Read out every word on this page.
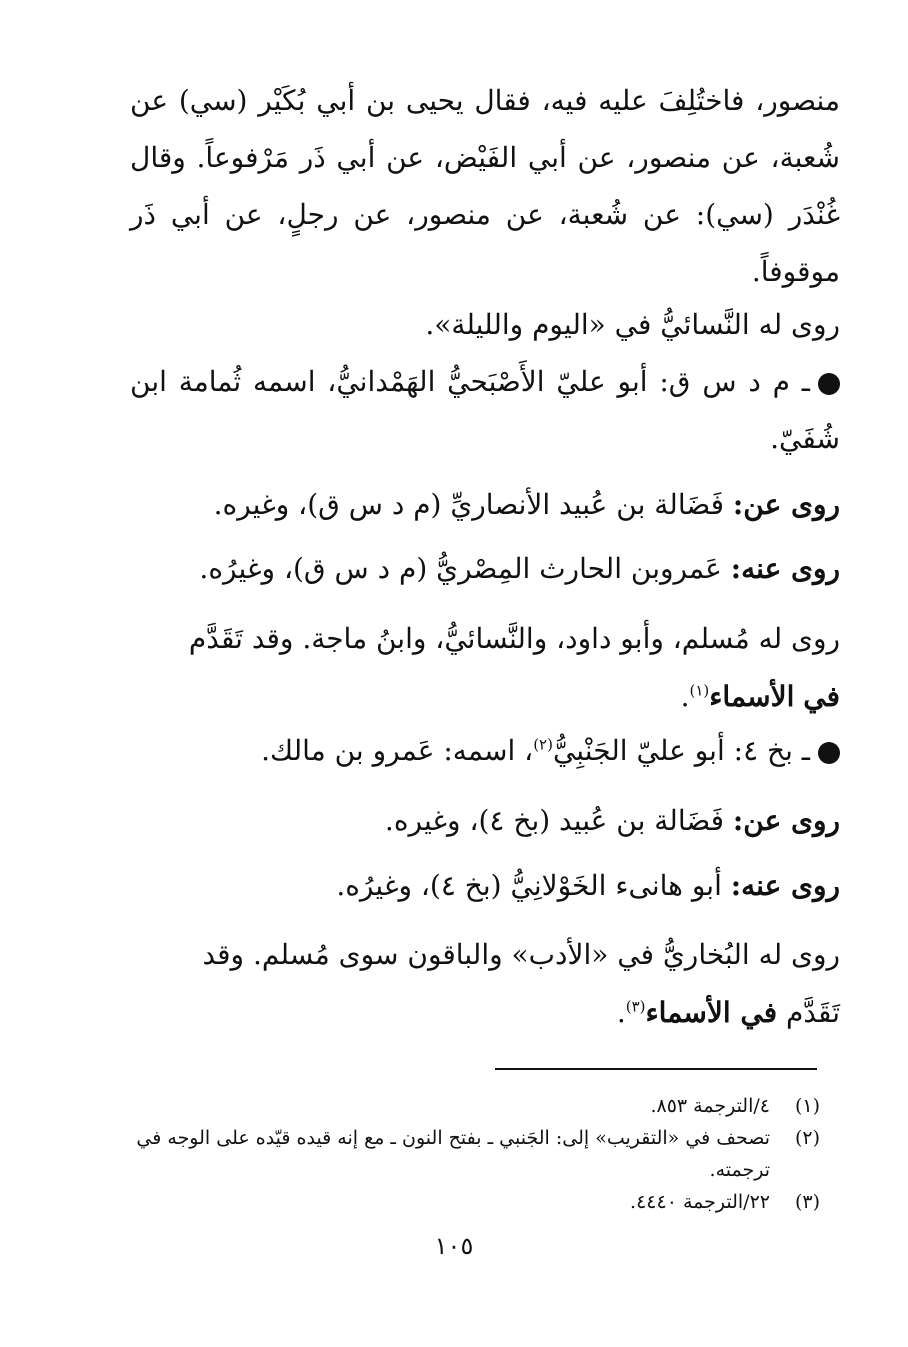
منصور، فاختُلِفَ عليه فيه، فقال يحيى بن أبي بُكَيْر (سي) عن شُعبة، عن منصور، عن أبي الفَيْض، عن أبي ذَر مَرْفوعاً. وقال غُنْدَر (سي): عن شُعبة، عن منصور، عن رجلٍ، عن أبي ذَر موقوفاً.

روى له النَّسائيُّ في «اليوم والليلة».

ـ م د س ق: أبو عليّ الأَصْبَحيُّ الهَمْدانيُّ، اسمه ثُمامة ابن شُفَيّ.

روى عن: فَضَالة بن عُبيد الأنصاريِّ (م د س ق)، وغيره.

روى عنه: عَمروبن الحارث المِصْريُّ (م د س ق)، وغيرُه.

روى له مُسلم، وأبو داود، والنَّسائيُّ، وابنُ ماجة. وقد تَقَدَّم

في الأسماء$^{(١)}$.

ـ بخ ٤: أبو عليّ الجَنْبِيُّ$^{(٢)}$، اسمه: عَمرو بن مالك.

روى عن: فَضَالة بن عُبيد (بخ ٤)، وغيره.

روى عنه: أبو هانىء الخَوْلانِيُّ (بخ ٤)، وغيرُه.

روى له البُخاريُّ في «الأدب» والباقون سوى مُسلم. وقد

تَقَدَّم في الأسماء$^{(٣)}$.

(١)
٤/الترجمة ٨٥٣.
(٢)
تصحف في «التقريب» إلى: الجَنبي ـ بفتح النون ـ مع إنه قيده قيّده على الوجه في ترجمته.
(٣)
٢٢/الترجمة ٤٤٤٠.
١٠٥
